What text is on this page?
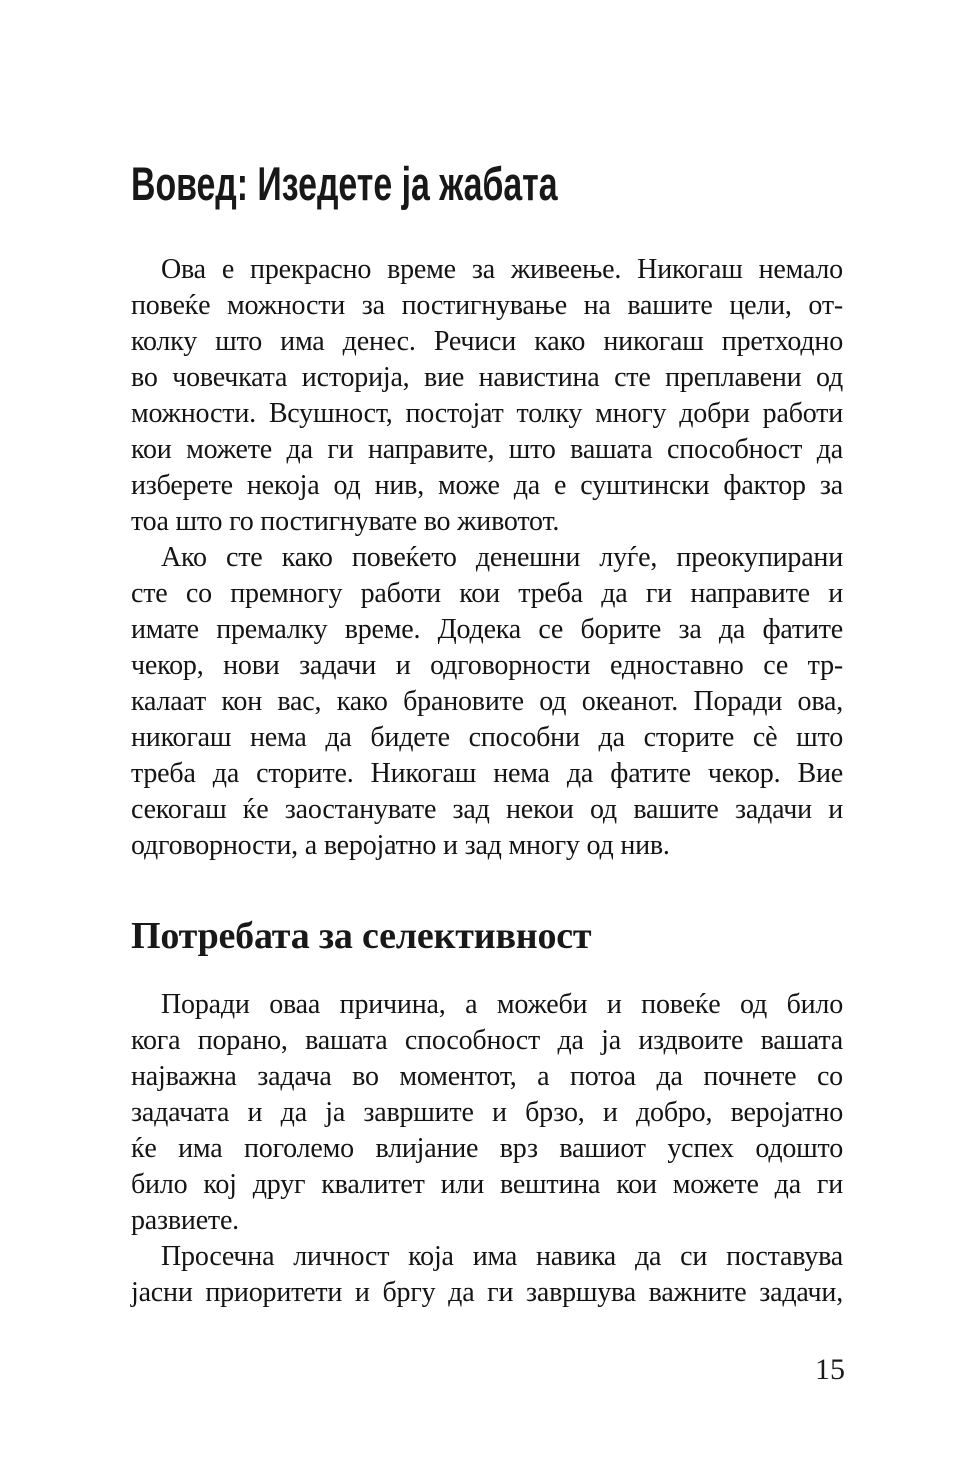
Вовед: Изедете ја жабата
Ова е прекрасно време за живеење. Никогаш немало
повеќе можности за постигнување на вашите цели, от-
колку што има денес. Речиси како никогаш претходно
во човечката историја, вие навистина сте преплавени од
можности. Всушност, постојат толку многу добри работи
кои можете да ги направите, што вашата способност да
изберете некоја од нив, може да е суштински фактор за
тоа што го постигнувате во животот.
Ако сте како повеќето денешни луѓе, преокупирани
сте со премногу работи кои треба да ги направите и
имате премалку време. Додека се борите за да фатите
чекор, нови задачи и одговорности едноставно се тр-
калаат кон вас, како брановите од океанот. Поради ова,
никогаш нема да бидете способни да сторите сѐ што
треба да сторите. Никогаш нема да фатите чекор. Вие
секогаш ќе заостанувате зад некои од вашите задачи и
одговорности, а веројатно и зад многу од нив.
Потребата за селективност
Поради оваа причина, а можеби и повеќе од било
кога порано, вашата способност да ја издвоите вашата
најважна задача во моментот, а потоа да почнете со
задачата и да ја завршите и брзо, и добро, веројатно
ќе има поголемо влијание врз вашиот успех одошто
било кој друг квалитет или вештина кои можете да ги
развиете.
Просечна личност која има навика да си поставува
јасни приоритети и бргу да ги завршува важните задачи,
15
